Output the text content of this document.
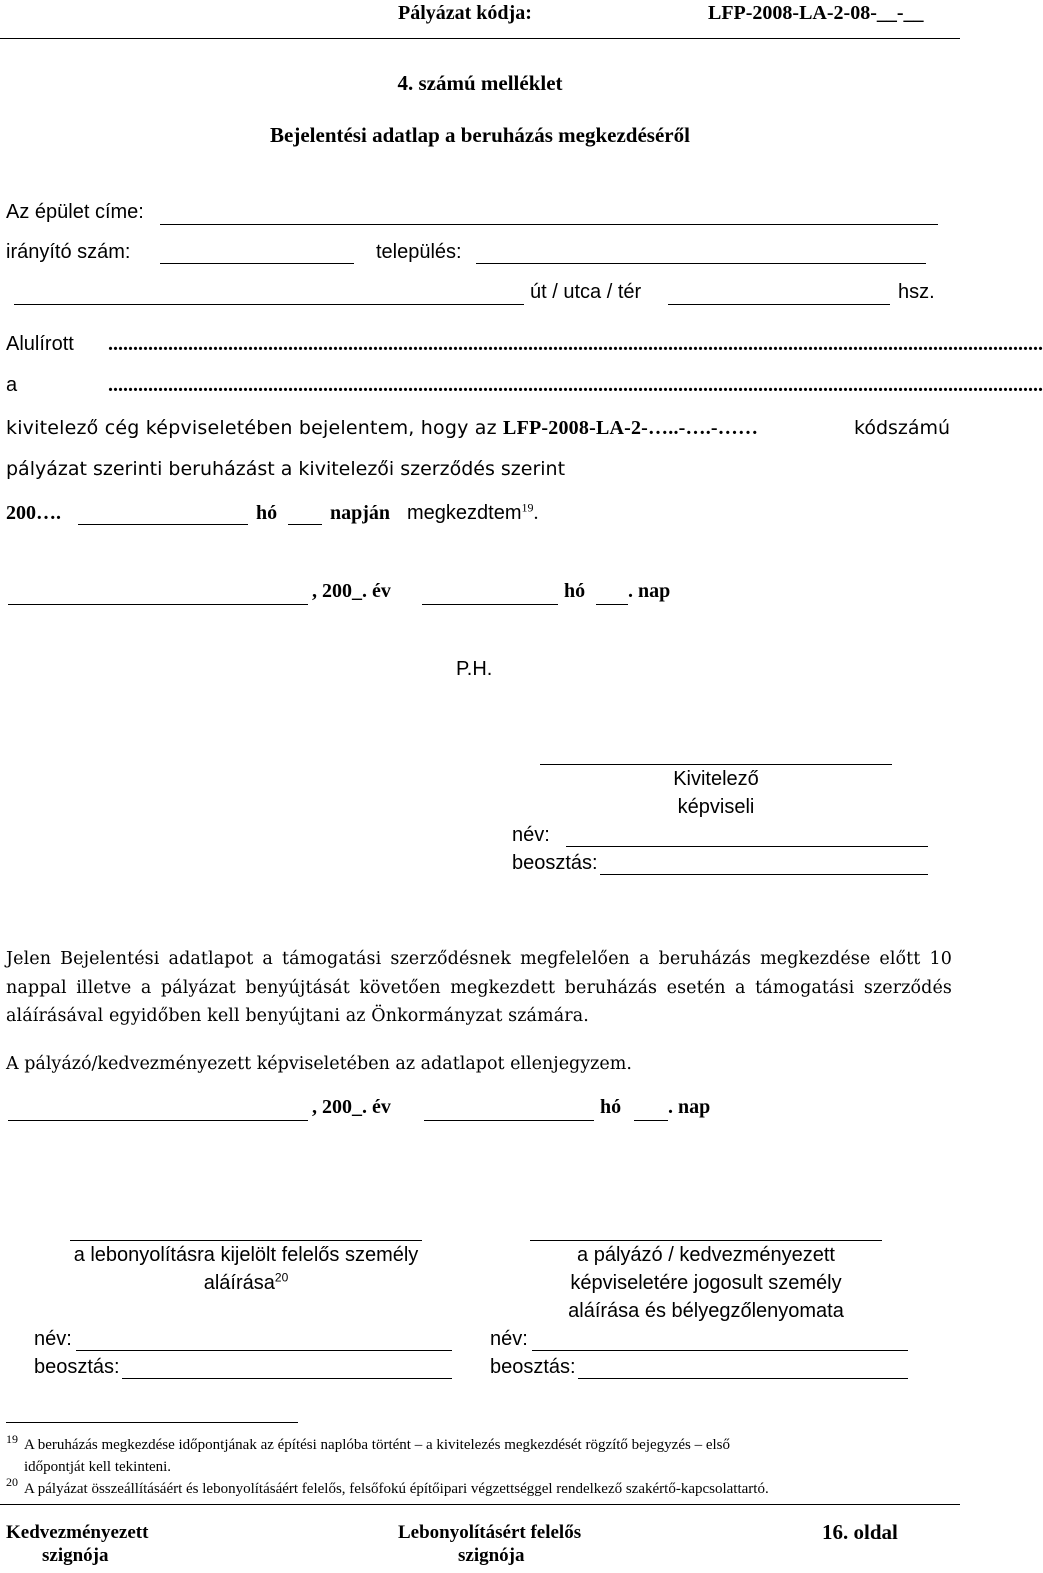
Pályázat kódja:	LFP-2008-LA-2-08-__-__
4. számú melléklet
Bejelentési adatlap a beruházás megkezdéséről
Az épület címe:
irányító szám:	település:
út / utca / tér	hsz.
Alulírott ...........................................................................................................................................................................................
a	...........................................................................................................................................................................................
kivitelező cég képviseletében bejelentem, hogy az LFP-2008-LA-2-…..-….-……	kódszámú
pályázat szerinti beruházást a kivitelezői szerződés szerint
200….	hó	napján megkezdtem$^{19}$.
, 200_. év	hó . nap
P.H.
Kivitelező
képviseli
név:
beosztás:
Jelen Bejelentési adatlapot a támogatási szerződésnek megfelelően a beruházás megkezdése előtt 10 nappal illetve a pályázat benyújtását követően megkezdett beruházás esetén a támogatási szerződés aláírásával egyidőben kell benyújtani az Önkormányzat számára.
A pályázó/kedvezményezett képviseletében az adatlapot ellenjegyzem.
, 200_. év	hó . nap
a lebonyolításra kijelölt felelős személy
aláírása$^{20}$
név:
beosztás:
a pályázó / kedvezményezett
képviseletére jogosult személy
aláírása és bélyegzőlenyomata
név:
beosztás:
19 A beruházás megkezdése időpontjának az építési naplóba történt – a kivitelezés megkezdését rögzítő bejegyzés – első
időpontját kell tekinteni.
20 A pályázat összeállításáért és lebonyolításáért felelős, felsőfokú építőipari végzettséggel rendelkező szakértő-kapcsolattartó.
Kedvezményezett
szignója
Lebonyolításért felelős
szignója
16. oldal
